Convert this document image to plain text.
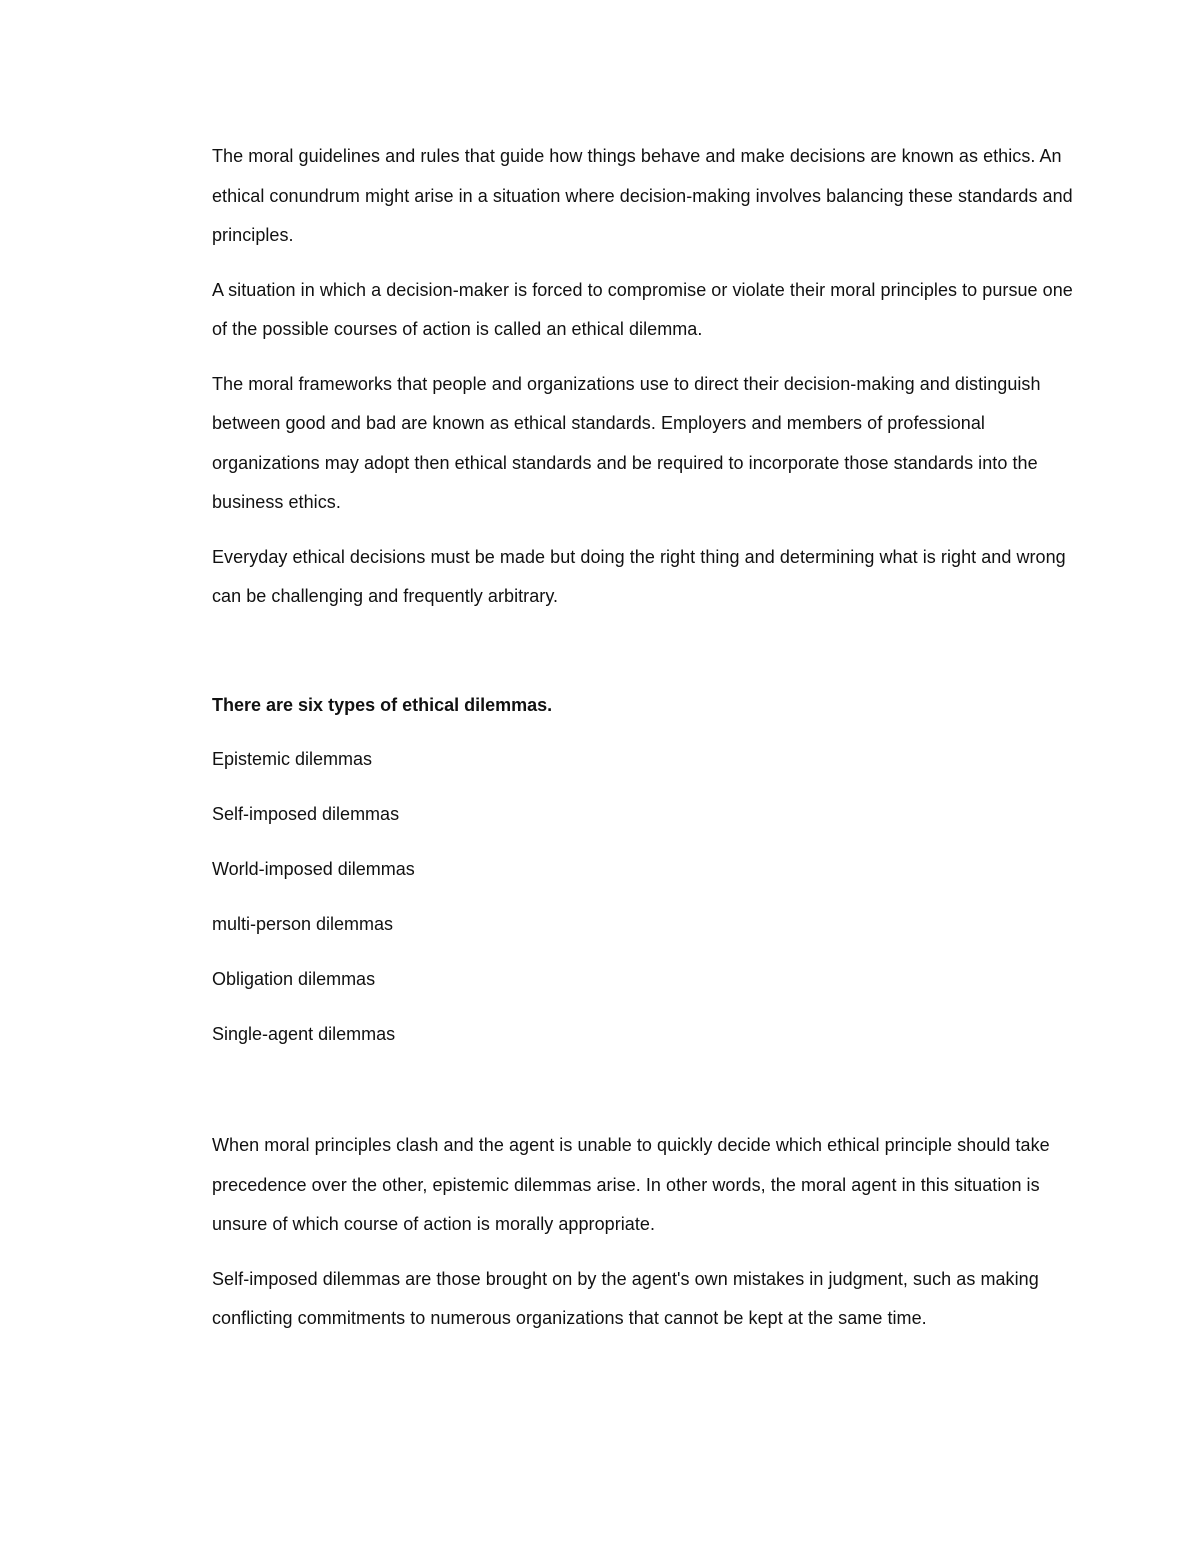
The moral guidelines and rules that guide how things behave and make decisions are known as ethics. An ethical conundrum might arise in a situation where decision-making involves balancing these standards and principles.

A situation in which a decision-maker is forced to compromise or violate their moral principles to pursue one of the possible courses of action is called an ethical dilemma.

The moral frameworks that people and organizations use to direct their decision-making and distinguish between good and bad are known as ethical standards. Employers and members of professional organizations may adopt then ethical standards and be required to incorporate those standards into the business ethics.

Everyday ethical decisions must be made but doing the right thing and determining what is right and wrong can be challenging and frequently arbitrary.

There are six types of ethical dilemmas.

Epistemic dilemmas

Self-imposed dilemmas

World-imposed dilemmas

multi-person dilemmas

Obligation dilemmas

Single-agent dilemmas

When moral principles clash and the agent is unable to quickly decide which ethical principle should take precedence over the other, epistemic dilemmas arise. In other words, the moral agent in this situation is unsure of which course of action is morally appropriate.

Self-imposed dilemmas are those brought on by the agent's own mistakes in judgment, such as making conflicting commitments to numerous organizations that cannot be kept at the same time.
